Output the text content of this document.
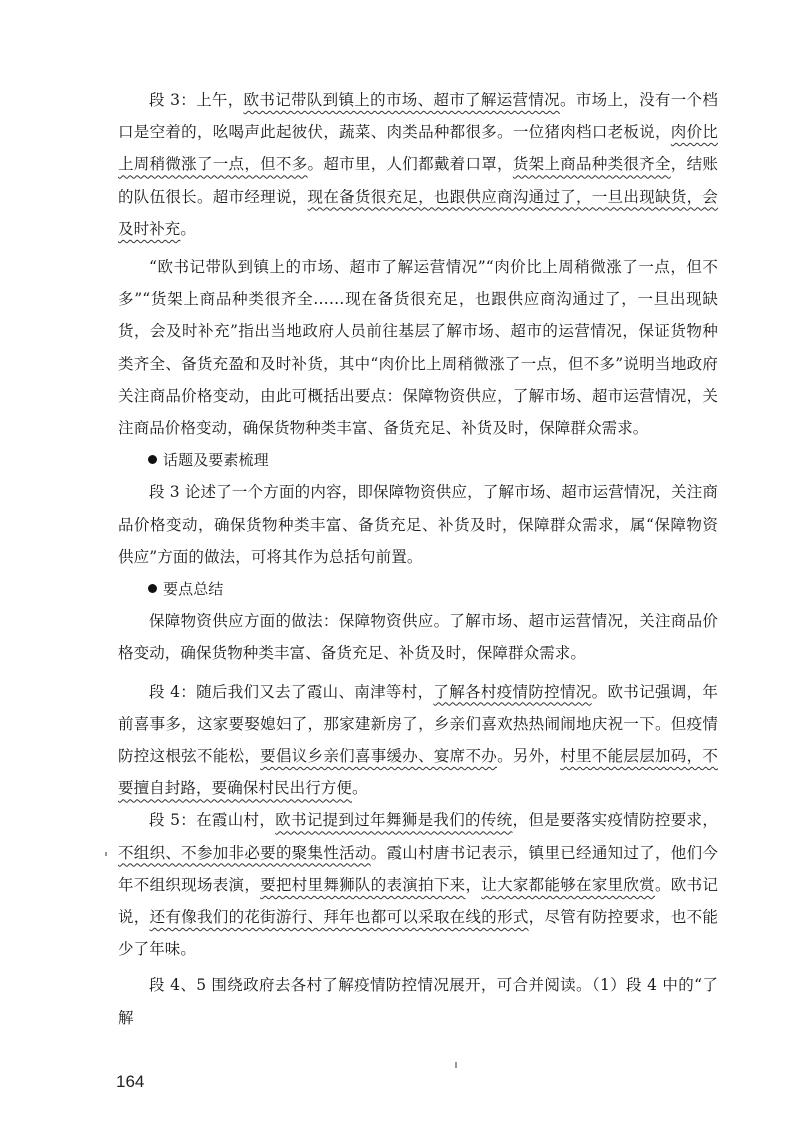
段 3：上午，欧书记带队到镇上的市场、超市了解运营情况。市场上，没有一个档口是空着的，吆喝声此起彼伏，蔬菜、肉类品种都很多。一位猪肉档口老板说，肉价比上周稍微涨了一点，但不多。超市里，人们都戴着口罩，货架上商品种类很齐全，结账的队伍很长。超市经理说，现在备货很充足，也跟供应商沟通过了，一旦出现缺货，会及时补充。

“欧书记带队到镇上的市场、超市了解运营情况”“肉价比上周稍微涨了一点，但不多”“货架上商品种类很齐全……现在备货很充足，也跟供应商沟通过了，一旦出现缺货，会及时补充”指出当地政府人员前往基层了解市场、超市的运营情况，保证货物种类齐全、备货充盈和及时补货，其中“肉价比上周稍微涨了一点，但不多”说明当地政府关注商品价格变动，由此可概括出要点：保障物资供应，了解市场、超市运营情况，关注商品价格变动，确保货物种类丰富、备货充足、补货及时，保障群众需求。

话题及要素梳理

段 3 论述了一个方面的内容，即保障物资供应，了解市场、超市运营情况，关注商品价格变动，确保货物种类丰富、备货充足、补货及时，保障群众需求，属“保障物资供应”方面的做法，可将其作为总括句前置。

要点总结

保障物资供应方面的做法：保障物资供应。了解市场、超市运营情况，关注商品价格变动，确保货物种类丰富、备货充足、补货及时，保障群众需求。

段 4：随后我们又去了霞山、南津等村，了解各村疫情防控情况。欧书记强调，年前喜事多，这家要娶媳妇了，那家建新房了，乡亲们喜欢热热闹闹地庆祝一下。但疫情防控这根弦不能松，要倡议乡亲们喜事缓办、宴席不办。另外，村里不能层层加码，不要擅自封路，要确保村民出行方便。

段 5：在霞山村，欧书记提到过年舞狮是我们的传统，但是要落实疫情防控要求，不组织、不参加非必要的聚集性活动。霞山村唐书记表示，镇里已经通知过了，他们今年不组织现场表演，要把村里舞狮队的表演拍下来，让大家都能够在家里欣赏。欧书记说，还有像我们的花街游行、拜年也都可以采取在线的形式，尽管有防控要求，也不能少了年味。

段 4、5 围绕政府去各村了解疫情防控情况展开，可合并阅读。（1）段 4 中的“了解

164
